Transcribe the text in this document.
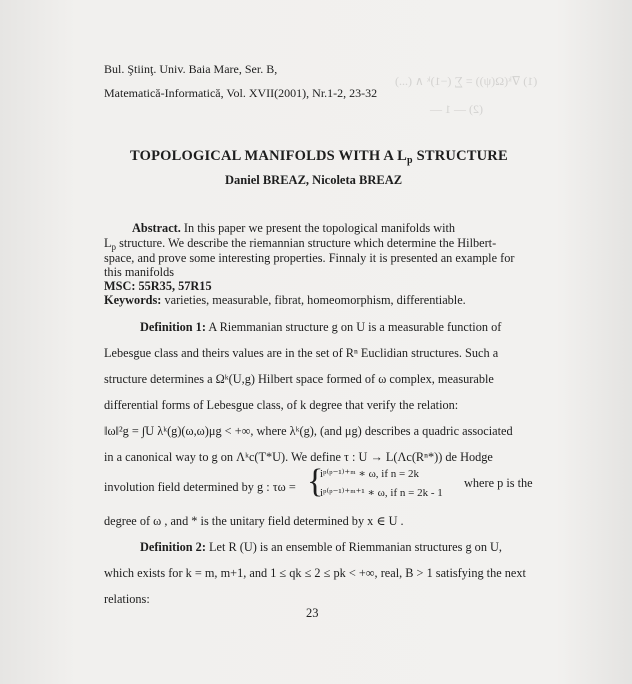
(1) ∇ᵏ(Ω(ψ)) = ∑ (−1)ᵏ ∧ (...)
(2) — 1 —
Bul. Ştiinţ. Univ. Baia Mare, Ser. B,
Matematică-Informatică, Vol. XVII(2001), Nr.1-2, 23-32
TOPOLOGICAL MANIFOLDS WITH A $L_p$ STRUCTURE
Daniel BREAZ, Nicoleta BREAZ
Abstract. In this paper we present the topological manifolds with
$L_p$ structure. We describe the riemannian structure which determine the Hilbert-
space, and prove some interesting properties. Finnaly it is presented an example for
this manifolds
MSC: 55R35, 57R15
Keywords: varieties, measurable, fibrat, homeomorphism, differentiable.
Definition 1: A Riemmanian structure g on U is a measurable function of
Lebesgue class and theirs values are in the set of Rⁿ Euclidian structures. Such a
structure determines a Ωᵏ(U,g) Hilbert space formed of ω complex, measurable
differential forms of Lebesgue class, of k degree that verify the relation:
‖ω‖²g = ∫U λᵏ(g)(ω,ω)μg < +∞, where λᵏ(g), (and μg) describes a quadric associated
in a canonical way to g on Λᵏc(T*U). We define τ : U → L(Λc(Rⁿ*)) de Hodge
involution field determined by g : τω = {
iᵖ⁽ᵖ⁻¹⁾⁺ᵐ ∗ ω, if n = 2k
iᵖ⁽ᵖ⁻¹⁾⁺ᵐ⁺¹ ∗ ω, if n = 2k - 1
where p is the
degree of ω , and * is the unitary field determined by x ∈ U .
Definition 2: Let R (U) is an ensemble of Riemmanian structures g on U,
which exists for k = m, m+1, and 1 ≤ qk ≤ 2 ≤ pk < +∞, real, B > 1 satisfying the next
relations:
23
